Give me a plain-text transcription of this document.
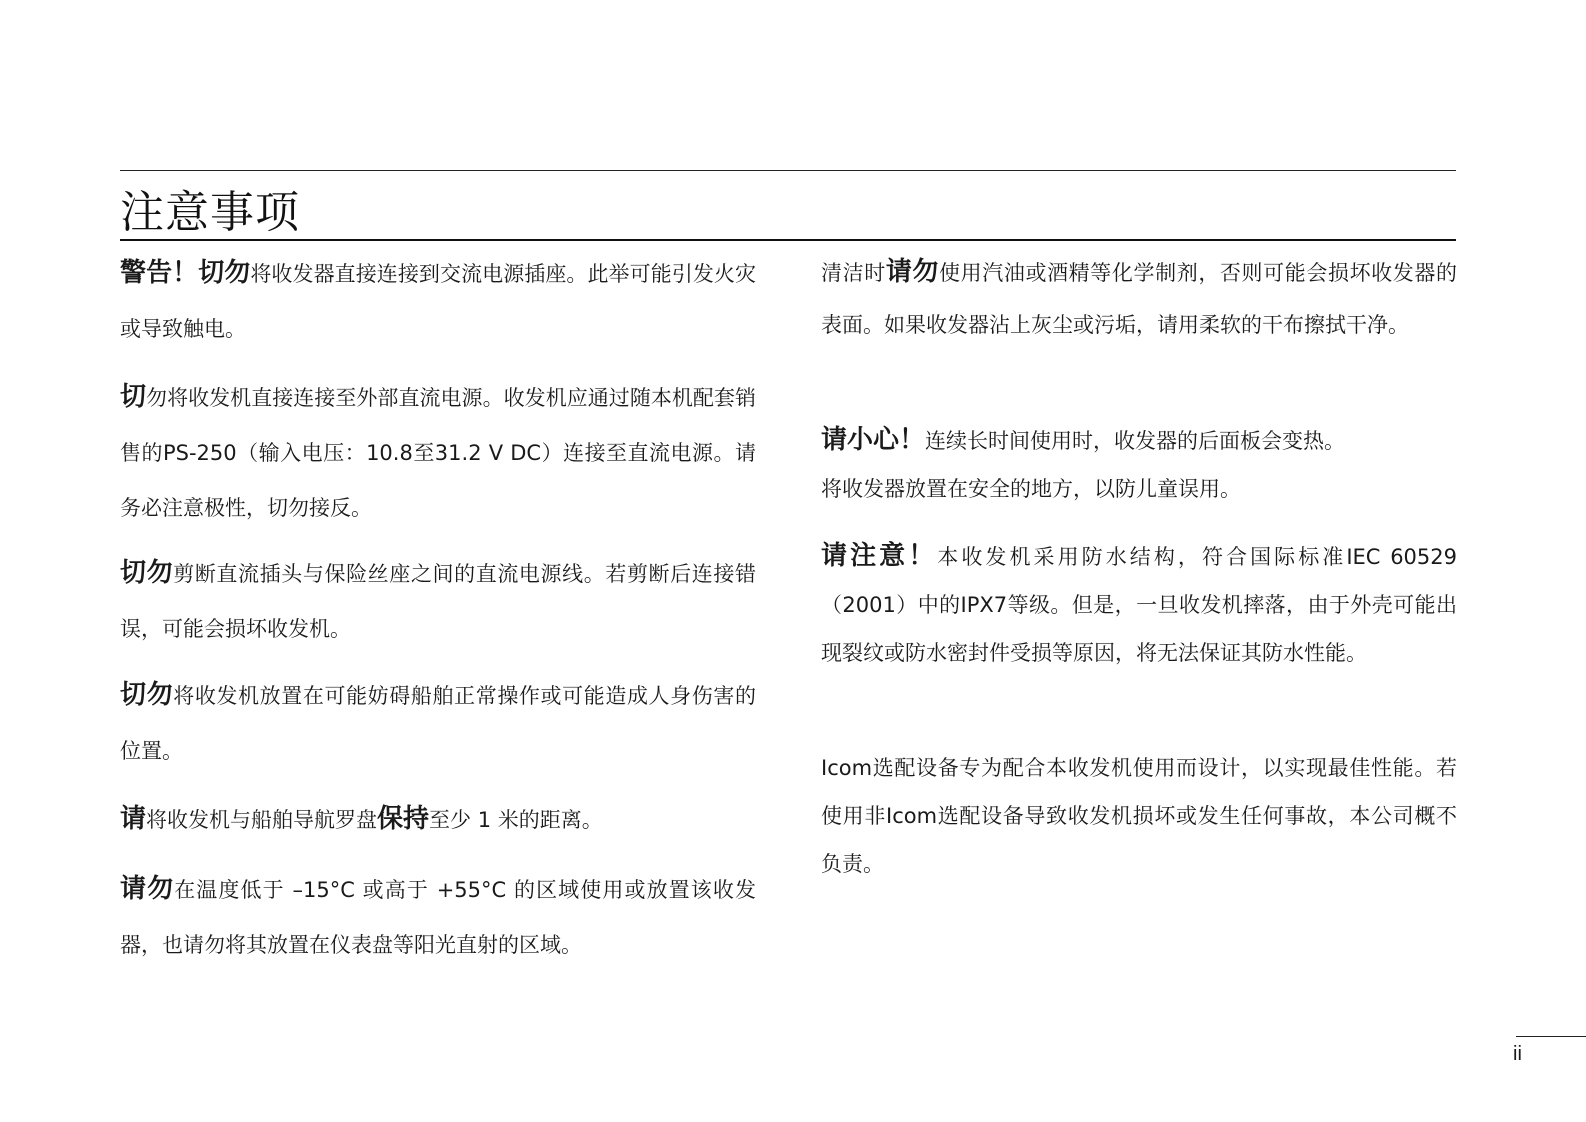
注意事项

警告！切勿将收发器直接连接到交流电源插座。此举可能引发火灾或导致触电。

切勿将收发机直接连接至外部直流电源。收发机应通过随本机配套销售的PS-250（输入电压：10.8至31.2 V DC）连接至直流电源。请务必注意极性，切勿接反。

切勿剪断直流插头与保险丝座之间的直流电源线。若剪断后连接错误，可能会损坏收发机。

切勿将收发机放置在可能妨碍船舶正常操作或可能造成人身伤害的位置。

请将收发机与船舶导航罗盘保持至少 1 米的距离。

请勿在温度低于 –15°C 或高于 +55°C 的区域使用或放置该收发器，也请勿将其放置在仪表盘等阳光直射的区域。

清洁时请勿使用汽油或酒精等化学制剂，否则可能会损坏收发器的表面。如果收发器沾上灰尘或污垢，请用柔软的干布擦拭干净。

请小心！连续长时间使用时，收发器的后面板会变热。
将收发器放置在安全的地方，以防儿童误用。

请注意！本收发机采用防水结构，符合国际标准IEC 60529（2001）中的IPX7等级。但是，一旦收发机摔落，由于外壳可能出现裂纹或防水密封件受损等原因，将无法保证其防水性能。

Icom选配设备专为配合本收发机使用而设计，以实现最佳性能。若使用非Icom选配设备导致收发机损坏或发生任何事故，本公司概不负责。

ii
